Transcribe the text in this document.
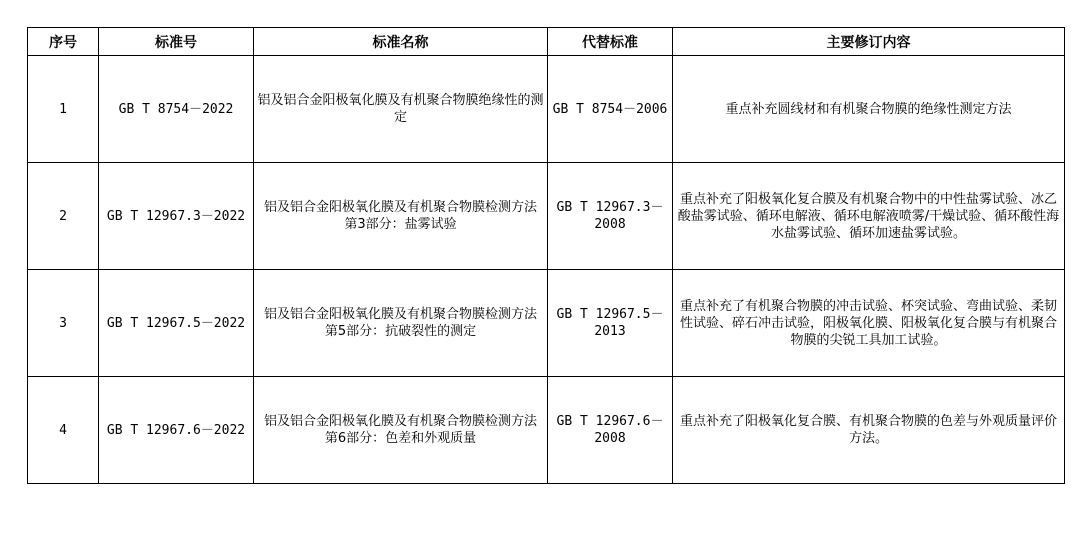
序号	标准号	标准名称	代替标准	主要修订内容
1	GB T 8754－2022	铝及铝合金阳极氧化膜及有机聚合物膜绝缘性的测定	GB T 8754－2006	重点补充圆线材和有机聚合物膜的绝缘性测定方法
2	GB T 12967.3－2022	铝及铝合金阳极氧化膜及有机聚合物膜检测方法 第3部分：盐雾试验	GB T 12967.3－2008	重点补充了阳极氧化复合膜及有机聚合物中的中性盐雾试验、冰乙酸盐雾试验、循环电解液、循环电解液喷雾/干燥试验、循环酸性海水盐雾试验、循环加速盐雾试验。
3	GB T 12967.5－2022	铝及铝合金阳极氧化膜及有机聚合物膜检测方法 第5部分：抗破裂性的测定	GB T 12967.5－2013	重点补充了有机聚合物膜的冲击试验、杯突试验、弯曲试验、柔韧性试验、碎石冲击试验，阳极氧化膜、阳极氧化复合膜与有机聚合物膜的尖锐工具加工试验。
4	GB T 12967.6－2022	铝及铝合金阳极氧化膜及有机聚合物膜检测方法 第6部分：色差和外观质量	GB T 12967.6－2008	重点补充了阳极氧化复合膜、有机聚合物膜的色差与外观质量评价方法。
